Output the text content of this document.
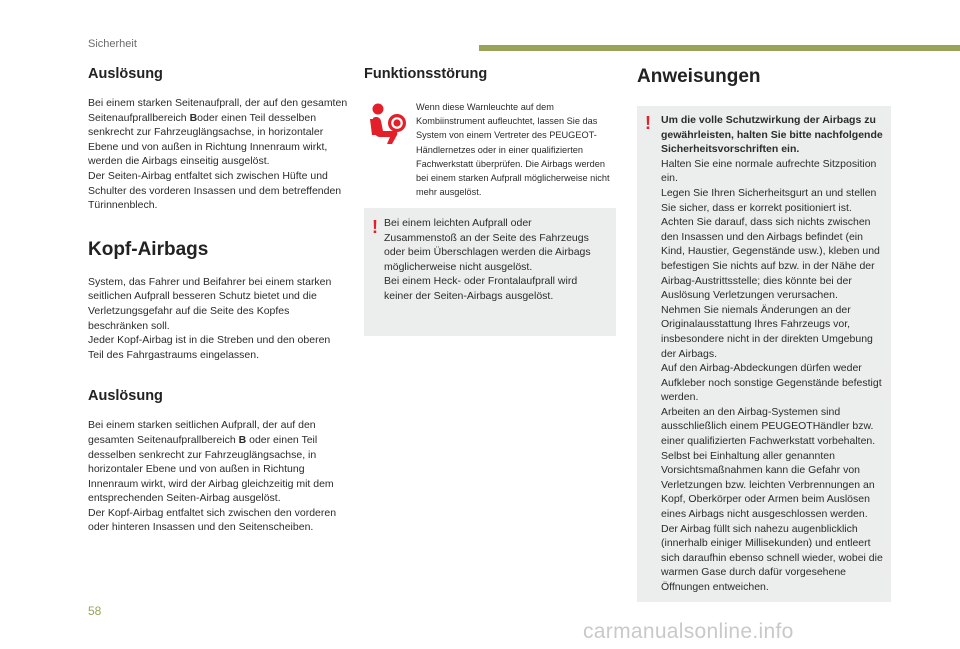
Sicherheit
Auslösung

Bei einem starken Seitenaufprall, der auf den gesamten Seitenaufprallbereich Boder einen Teil desselben senkrecht zur Fahrzeuglängsachse, in horizontaler Ebene und von außen in Richtung Innenraum wirkt, werden die Airbags einseitig ausgelöst.
Der Seiten-Airbag entfaltet sich zwischen Hüfte und Schulter des vorderen Insassen und dem betreffenden Türinnenblech.

Kopf-Airbags

System, das Fahrer und Beifahrer bei einem starken seitlichen Aufprall besseren Schutz bietet und die Verletzungsgefahr auf die Seite des Kopfes beschränken soll.
Jeder Kopf-Airbag ist in die Streben und den oberen Teil des Fahrgastraums eingelassen.

Auslösung

Bei einem starken seitlichen Aufprall, der auf den gesamten Seitenaufprallbereich B oder einen Teil desselben senkrecht zur Fahrzeuglängsachse, in horizontaler Ebene und von außen in Richtung Innenraum wirkt, wird der Airbag gleichzeitig mit dem entsprechenden Seiten-Airbag ausgelöst.
Der Kopf-Airbag entfaltet sich zwischen den vorderen oder hinteren Insassen und den Seitenscheiben.

Funktionsstörung

Wenn diese Warnleuchte auf dem Kombiinstrument aufleuchtet, lassen Sie das System von einem Vertreter des PEUGEOT-Händlernetzes oder in einer qualifizierten Fachwerkstatt überprüfen. Die Airbags werden bei einem starken Aufprall möglicherweise nicht mehr ausgelöst.

! Bei einem leichten Aufprall oder Zusammenstoß an der Seite des Fahrzeugs oder beim Überschlagen werden die Airbags möglicherweise nicht ausgelöst.
Bei einem Heck- oder Frontalaufprall wird keiner der Seiten-Airbags ausgelöst.

Anweisungen
! Um die volle Schutzwirkung der Airbags zu gewährleisten, halten Sie bitte nachfolgende Sicherheitsvorschriften ein.

Halten Sie eine normale aufrechte Sitzposition ein.
Legen Sie Ihren Sicherheitsgurt an und stellen Sie sicher, dass er korrekt positioniert ist.
Achten Sie darauf, dass sich nichts zwischen den Insassen und den Airbags befindet (ein Kind, Haustier, Gegenstände usw.), kleben und befestigen Sie nichts auf bzw. in der Nähe der Airbag-Austrittsstelle; dies könnte bei der Auslösung Verletzungen verursachen.
Nehmen Sie niemals Änderungen an der Originalausstattung Ihres Fahrzeugs vor, insbesondere nicht in der direkten Umgebung der Airbags.
Auf den Airbag-Abdeckungen dürfen weder Aufkleber noch sonstige Gegenstände befestigt werden.
Arbeiten an den Airbag-Systemen sind ausschließlich einem PEUGEOTHändler bzw. einer qualifizierten Fachwerkstatt vorbehalten.
Selbst bei Einhaltung aller genannten Vorsichtsmaßnahmen kann die Gefahr von Verletzungen bzw. leichten Verbrennungen an Kopf, Oberkörper oder Armen beim Auslösen eines Airbags nicht ausgeschlossen werden. Der Airbag füllt sich nahezu augenblicklich (innerhalb einiger Millisekunden) und entleert sich daraufhin ebenso schnell wieder, wobei die warmen Gase durch dafür vorgesehene Öffnungen entweichen.

58
carmanualsonline.info
